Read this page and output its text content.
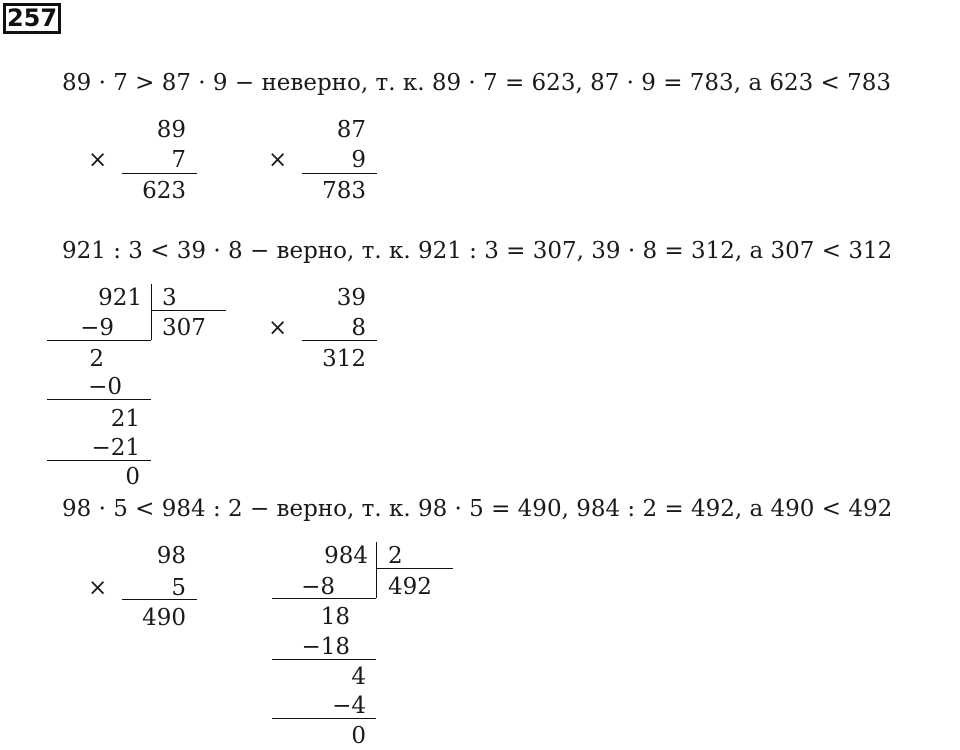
257
89 · 7 > 87 · 9 − неверно, т. к. 89 · 7 = 623, 87 · 9 = 783, а 623 < 783
89
×	7
623
87
×	9
783
921 : 3 < 39 · 8 − верно, т. к. 921 : 3 = 307, 39 · 8 = 312, а 307 < 312
921 3
307
−9
2
−0
21
−21
0
39
×	8
312
98 · 5 < 984 : 2 − верно, т. к. 98 · 5 = 490, 984 : 2 = 492, а 490 < 492
98
×	5
490
984 2
492
−8
18
−18
4
−4
0
